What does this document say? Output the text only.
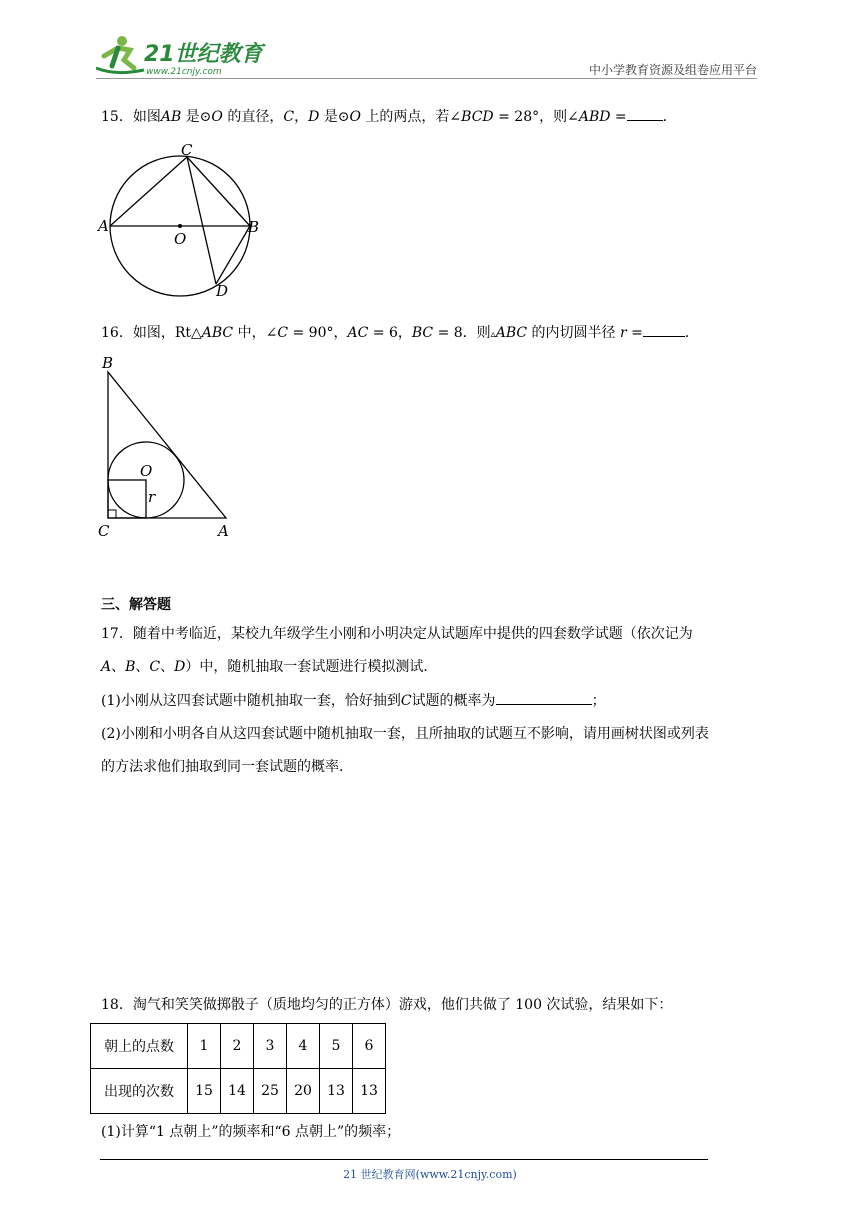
21世纪教育
www.21cnjy.com	中小学教育资源及组卷应用平台
15．如图AB 是⊙O 的直径，C，D 是⊙O 上的两点，若∠BCD = 28°，则∠ABD =	．
C
A
O
B
D
16．如图，Rt△ABC 中，∠C = 90°，AC = 6，BC = 8．则▵ABC 的内切圆半径 r =	．
B
O
r
C	A
三、解答题
17．随着中考临近，某校九年级学生小刚和小明决定从试题库中提供的四套数学试题（依次记为
A、B、C、D）中，随机抽取一套试题进行模拟测试．
(1)小刚从这四套试题中随机抽取一套，恰好抽到C试题的概率为	；
(2)小刚和小明各自从这四套试题中随机抽取一套，且所抽取的试题互不影响，请用画树状图或列表
的方法求他们抽取到同一套试题的概率．
18．淘气和笑笑做掷骰子（质地均匀的正方体）游戏，他们共做了 100 次试验，结果如下：
朝上的点数	1	2	3	4	5	6
出现的次数	15	14	25	20	13	13
(1)计算“1 点朝上”的频率和“6 点朝上”的频率；
21 世纪教育网(www.21cnjy.com)
